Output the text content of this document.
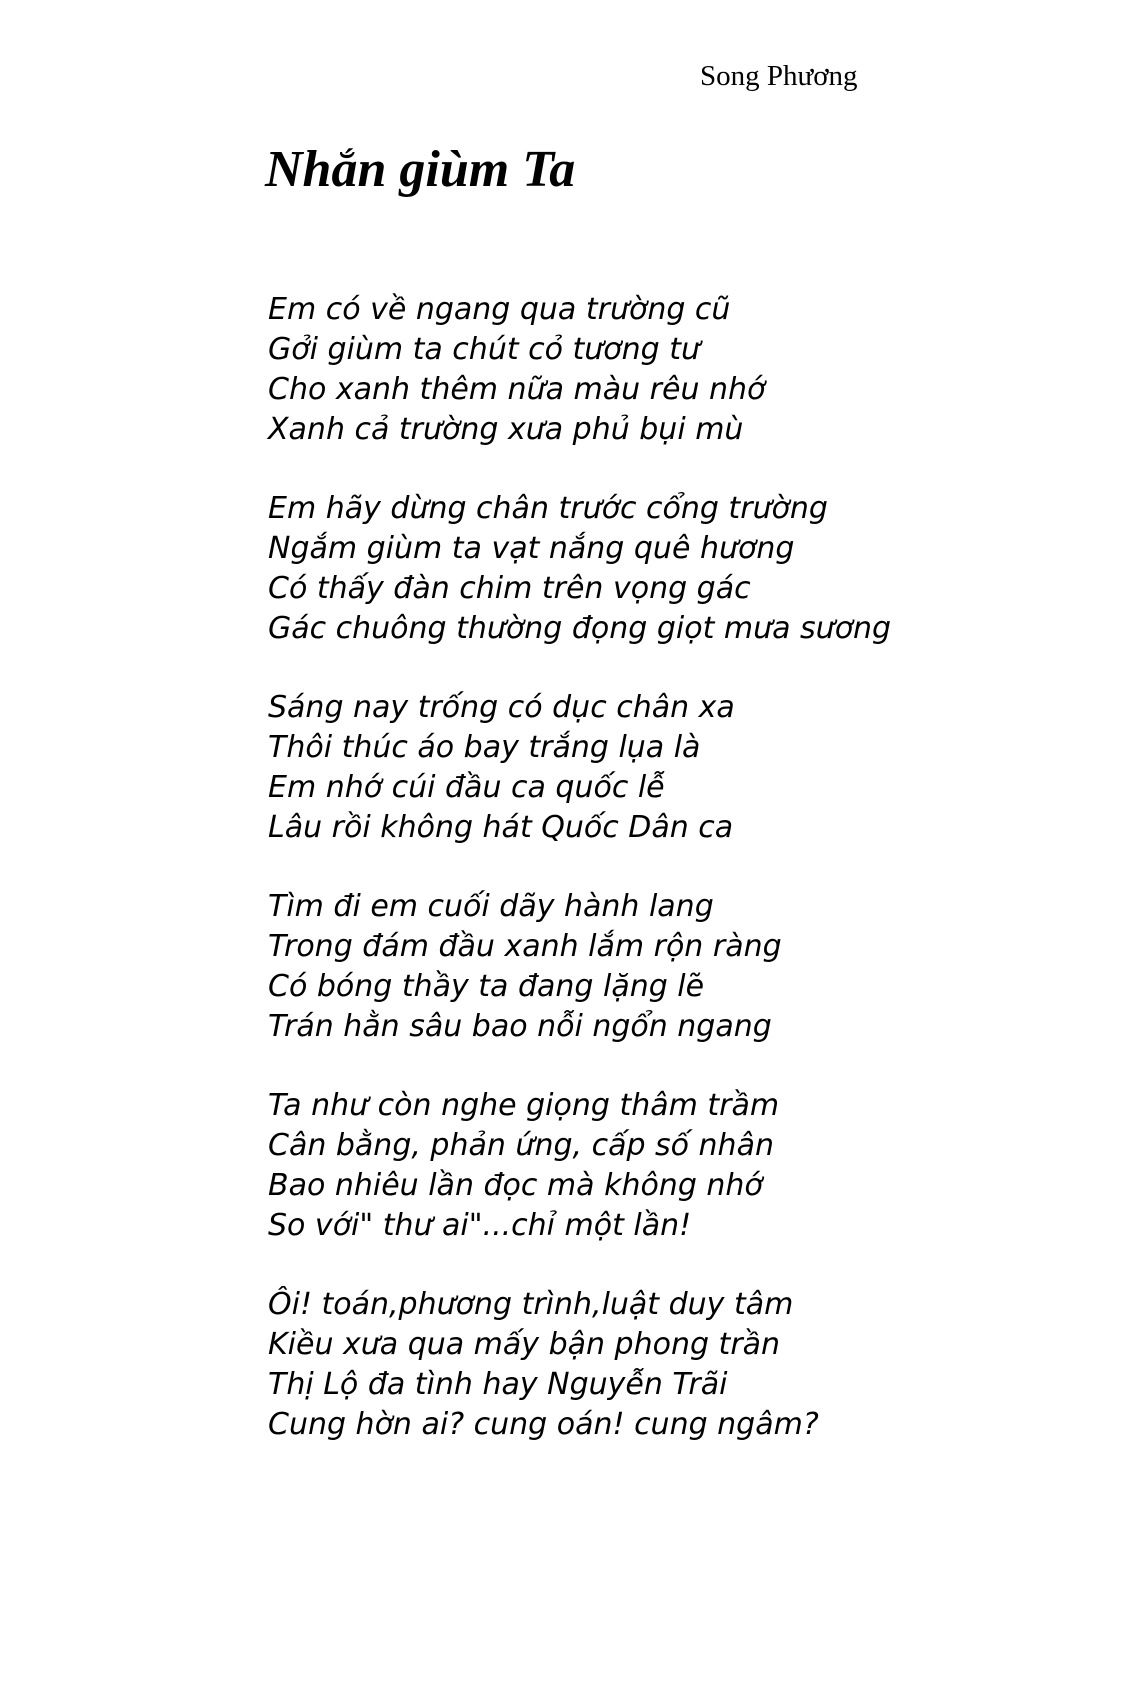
Song Phương
Nhắn giùm Ta
Em có về ngang qua trường cũ
Gởi giùm ta chút cỏ tương tư
Cho xanh thêm nữa màu rêu nhớ
Xanh cả trường xưa phủ bụi mù
Em hãy dừng chân trước cổng trường
Ngắm giùm ta vạt nắng quê hương
Có thấy đàn chim trên vọng gác
Gác chuông thường đọng giọt mưa sương
Sáng nay trống có dục chân xa
Thôi thúc áo bay trắng lụa là
Em nhớ cúi đầu ca quốc lễ
Lâu rồi không hát Quốc Dân ca
Tìm đi em cuối dãy hành lang
Trong đám đầu xanh lắm rộn ràng
Có bóng thầy ta đang lặng lẽ
Trán hằn sâu bao nỗi ngổn ngang
Ta như còn nghe giọng thâm trầm
Cân bằng, phản ứng, cấp số nhân
Bao nhiêu lần đọc mà không nhớ
So với" thư ai"...chỉ một lần!
Ôi! toán,phương trình,luật duy tâm
Kiều xưa qua mấy bận phong trần
Thị Lộ đa tình hay Nguyễn Trãi
Cung hờn ai? cung oán! cung ngâm?
